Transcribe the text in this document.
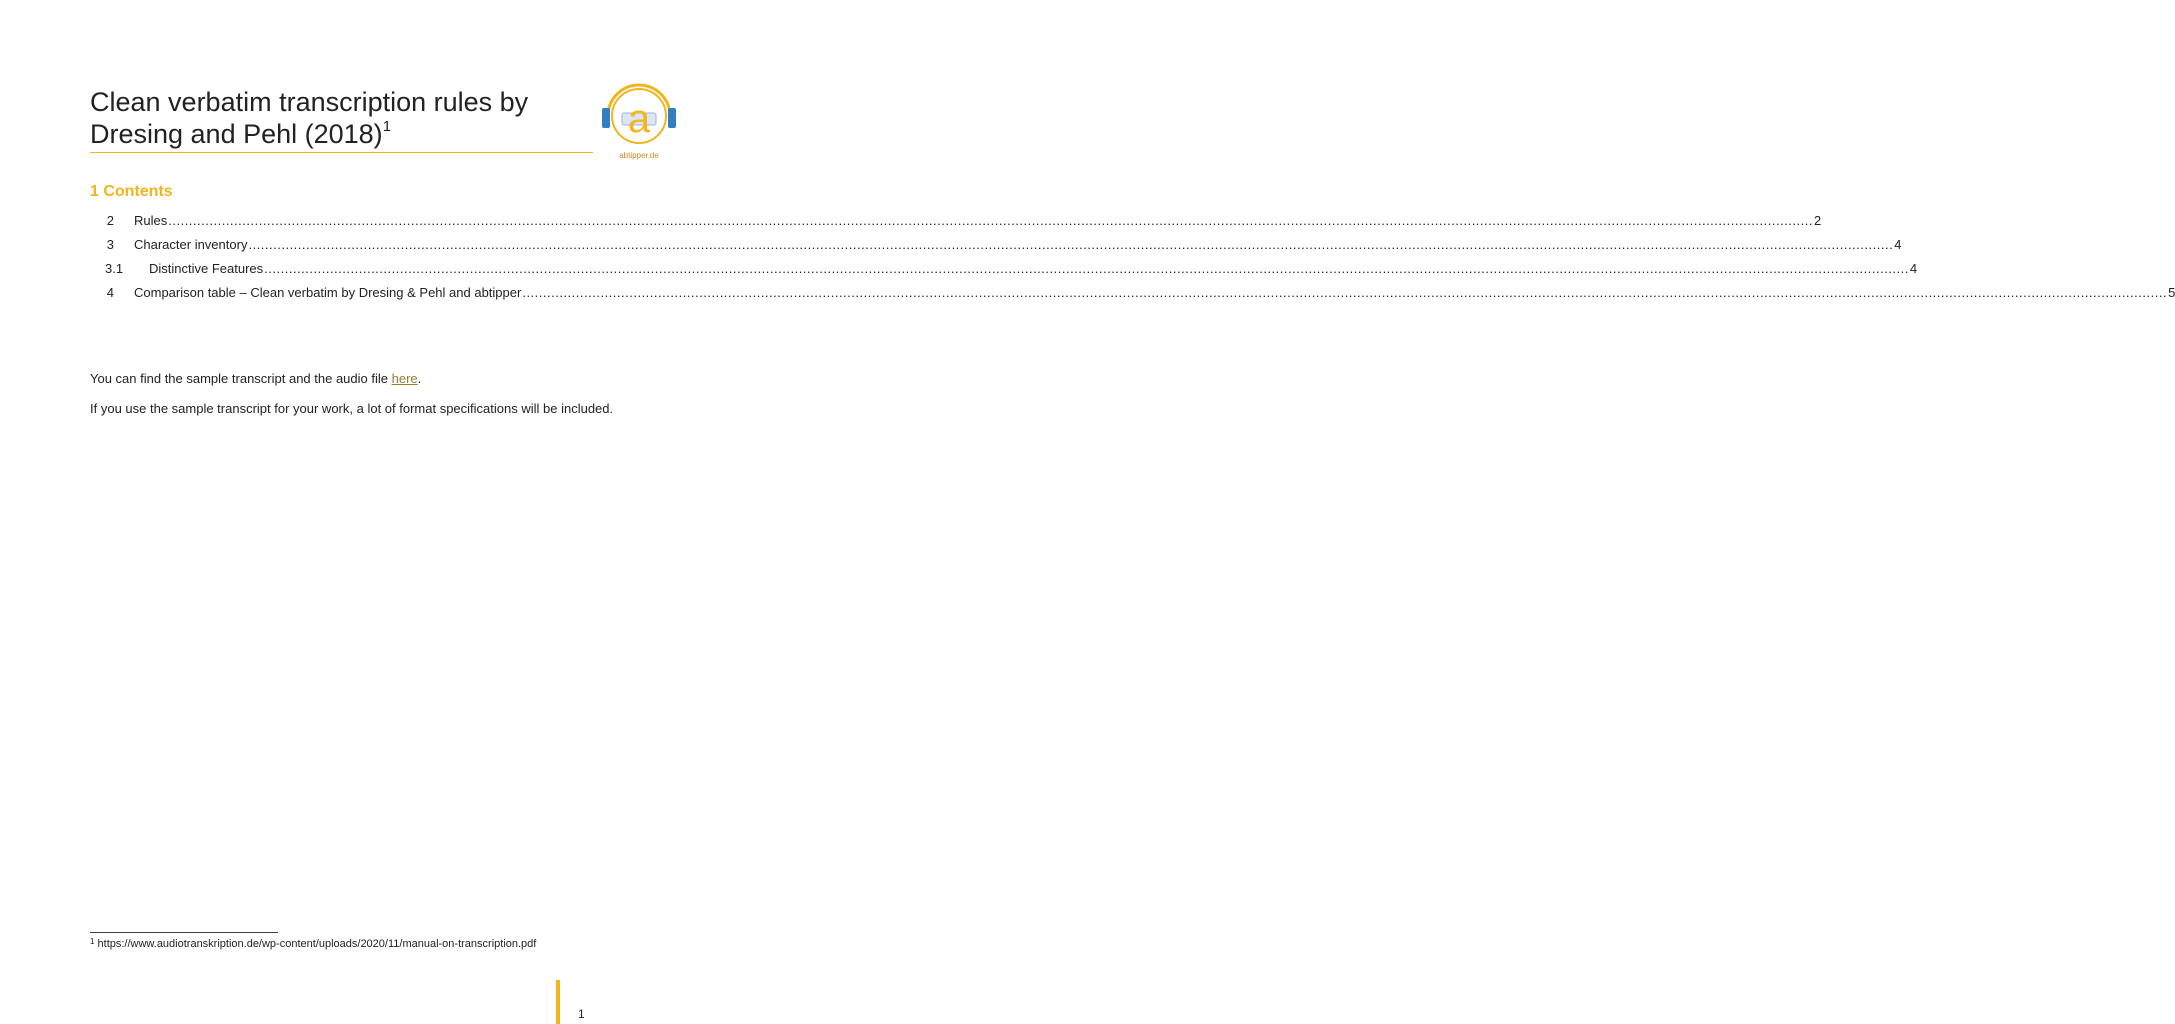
Clean verbatim transcription rules by Dresing and Pehl $(2018)^1$	a
abtipper.de
1 Contents
2	Rules ................................................................................................................................................................................................................................................................................................................................................................................................................ 2
3	Character inventory ................................................................................................................................................................................................................................................................................................................................................................................................................ 4
3.1	Distinctive Features ................................................................................................................................................................................................................................................................................................................................................................................................................ 4
4	Comparison table – Clean verbatim by Dresing & Pehl and abtipper ................................................................................................................................................................................................................................................................................................................................................................................................................ 5

You can find the sample transcript and the audio file here.

If you use the sample transcript for your work, a lot of format specifications will be included.

$^1$ https://www.audiotranskription.de/wp-content/uploads/2020/11/manual-on-transcription.pdf

1
